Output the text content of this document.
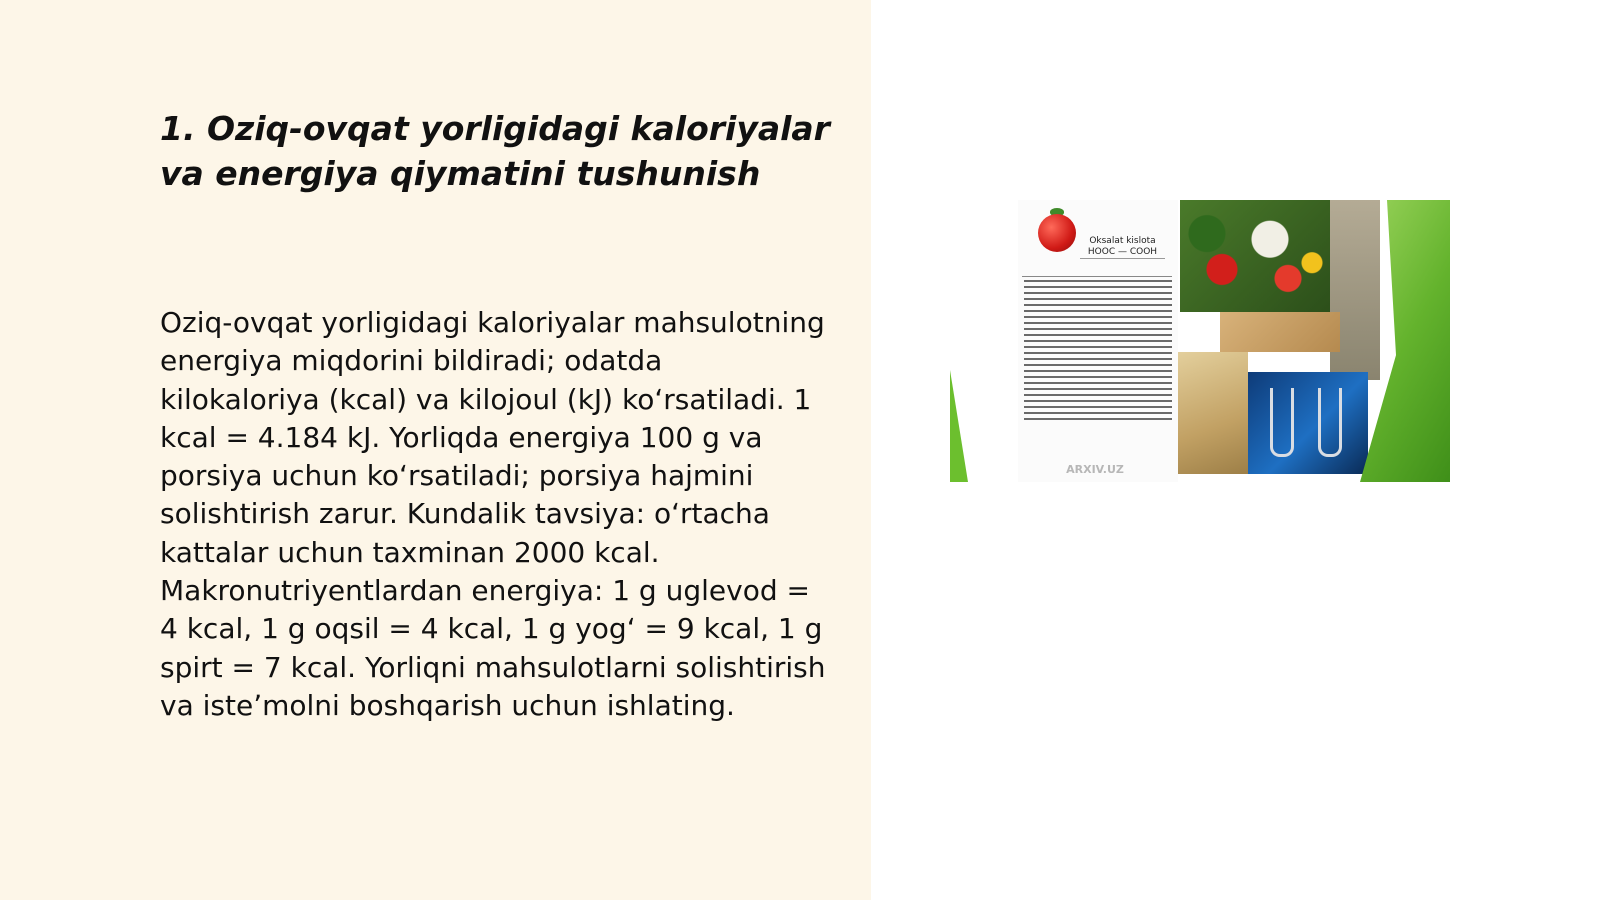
1. Oziq-ovqat yorligidagi kaloriyalar va energiya qiymatini tushunish

Oziq-ovqat yorligidagi kaloriyalar mahsulotning energiya miqdorini bildiradi; odatda kilokaloriya (kcal) va kilojoul (kJ) koʻrsatiladi. 1 kcal = 4.184 kJ. Yorliqda energiya 100 g va porsiya uchun koʻrsatiladi; porsiya hajmini solishtirish zarur. Kundalik tavsiya: oʻrtacha kattalar uchun taxminan 2000 kcal. Makronutriyentlardan energiya: 1 g uglevod = 4 kcal, 1 g oqsil = 4 kcal, 1 g yogʻ = 9 kcal, 1 g spirt = 7 kcal. Yorliqni mahsulotlarni solishtirish va isteʼmolni boshqarish uchun ishlating.

Oksalat kislota HOOC — COOH
ARXIV.UZ
